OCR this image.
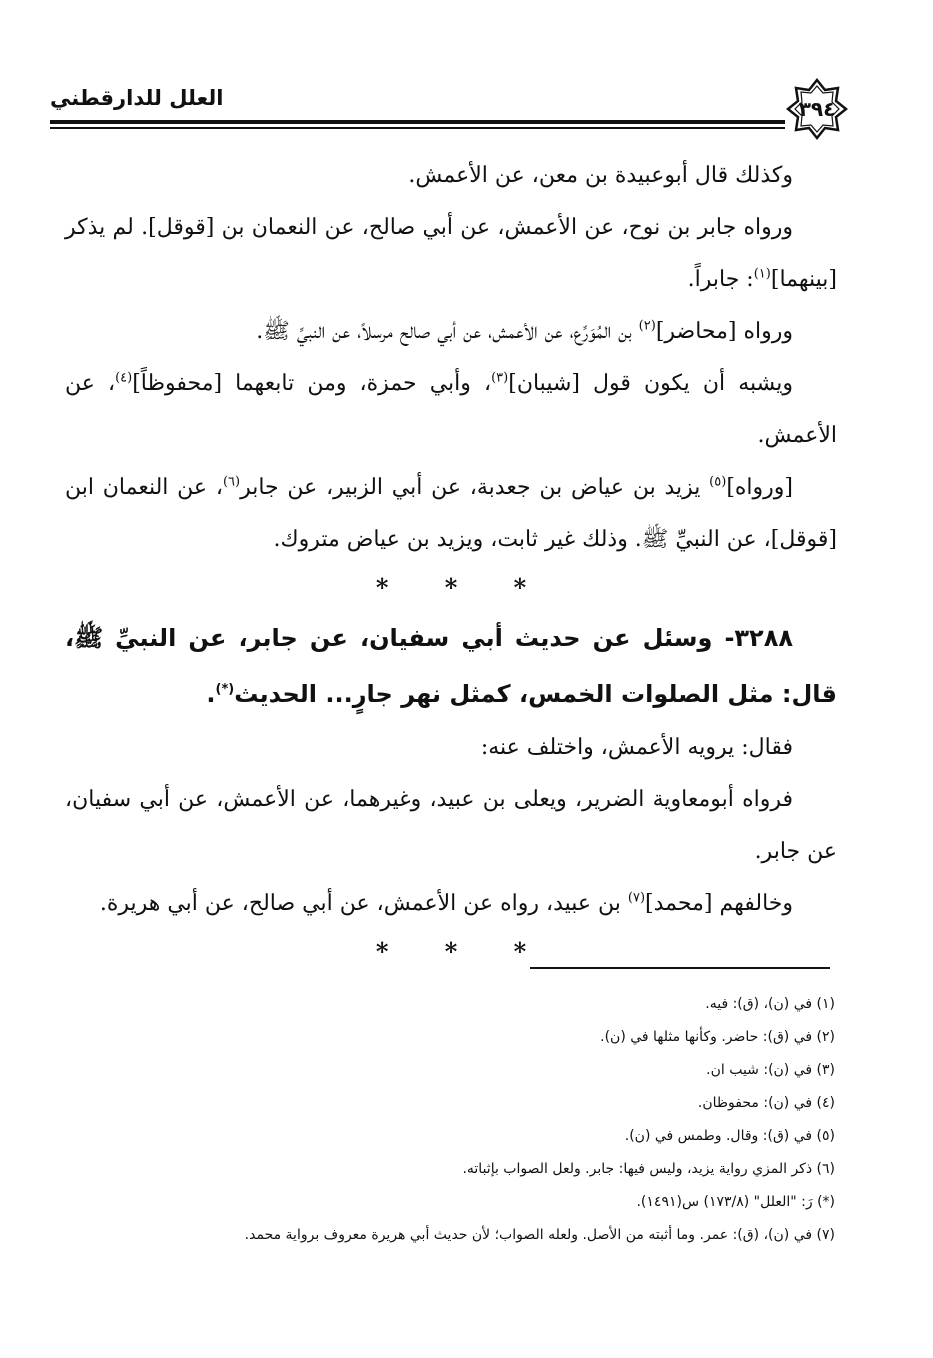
العلل للدارقطني	٣٩٤

وكذلك قال أبوعبيدة بن معن، عن الأعمش.

ورواه جابر بن نوح، عن الأعمش، عن أبي صالح، عن النعمان بن [قوقل]. لم يذكر [بينهما]$^{(١)}$: جابراً.

ورواه [محاضر]$^{(٢)}$ بن المُوَرِّع، عن الأعمش، عن أبي صالح مرسلاً، عن النبيِّ ﷺ.

ويشبه أن يكون قول [شيبان]$^{(٣)}$، وأبي حمزة، ومن تابعهما [محفوظاً]$^{(٤)}$، عن الأعمش.

[ورواه]$^{(٥)}$ يزيد بن عياض بن جعدبة، عن أبي الزبير، عن جابر$^{(٦)}$، عن النعمان ابن [قوقل]، عن النبيِّ ﷺ. وذلك غير ثابت، ويزيد بن عياض متروك.

* * *

٣٢٨٨- وسئل عن حديث أبي سفيان، عن جابر، عن النبيِّ ﷺ، قال: مثل الصلوات الخمس، كمثل نهر جارٍ... الحديث(*).

فقال: يرويه الأعمش، واختلف عنه:

فرواه أبومعاوية الضرير، ويعلى بن عبيد، وغيرهما، عن الأعمش، عن أبي سفيان، عن جابر.

وخالفهم [محمد]$^{(٧)}$ بن عبيد، رواه عن الأعمش، عن أبي صالح، عن أبي هريرة.

* * *

(١) في (ن)، (ق): فيه.
(٢) في (ق): حاضر. وكأنها مثلها في (ن).
(٣) في (ن): شيب ان.
(٤) في (ن): محفوظان.
(٥) في (ق): وقال. وطمس في (ن).
(٦) ذكر المزي رواية يزيد، وليس فيها: جابر. ولعل الصواب بإثباته.
(*) رَ: "العلل" (١٧٣/٨) س(١٤٩١).
(٧) في (ن)، (ق): عمر. وما أثبته من الأصل. ولعله الصواب؛ لأن حديث أبي هريرة معروف برواية محمد.
